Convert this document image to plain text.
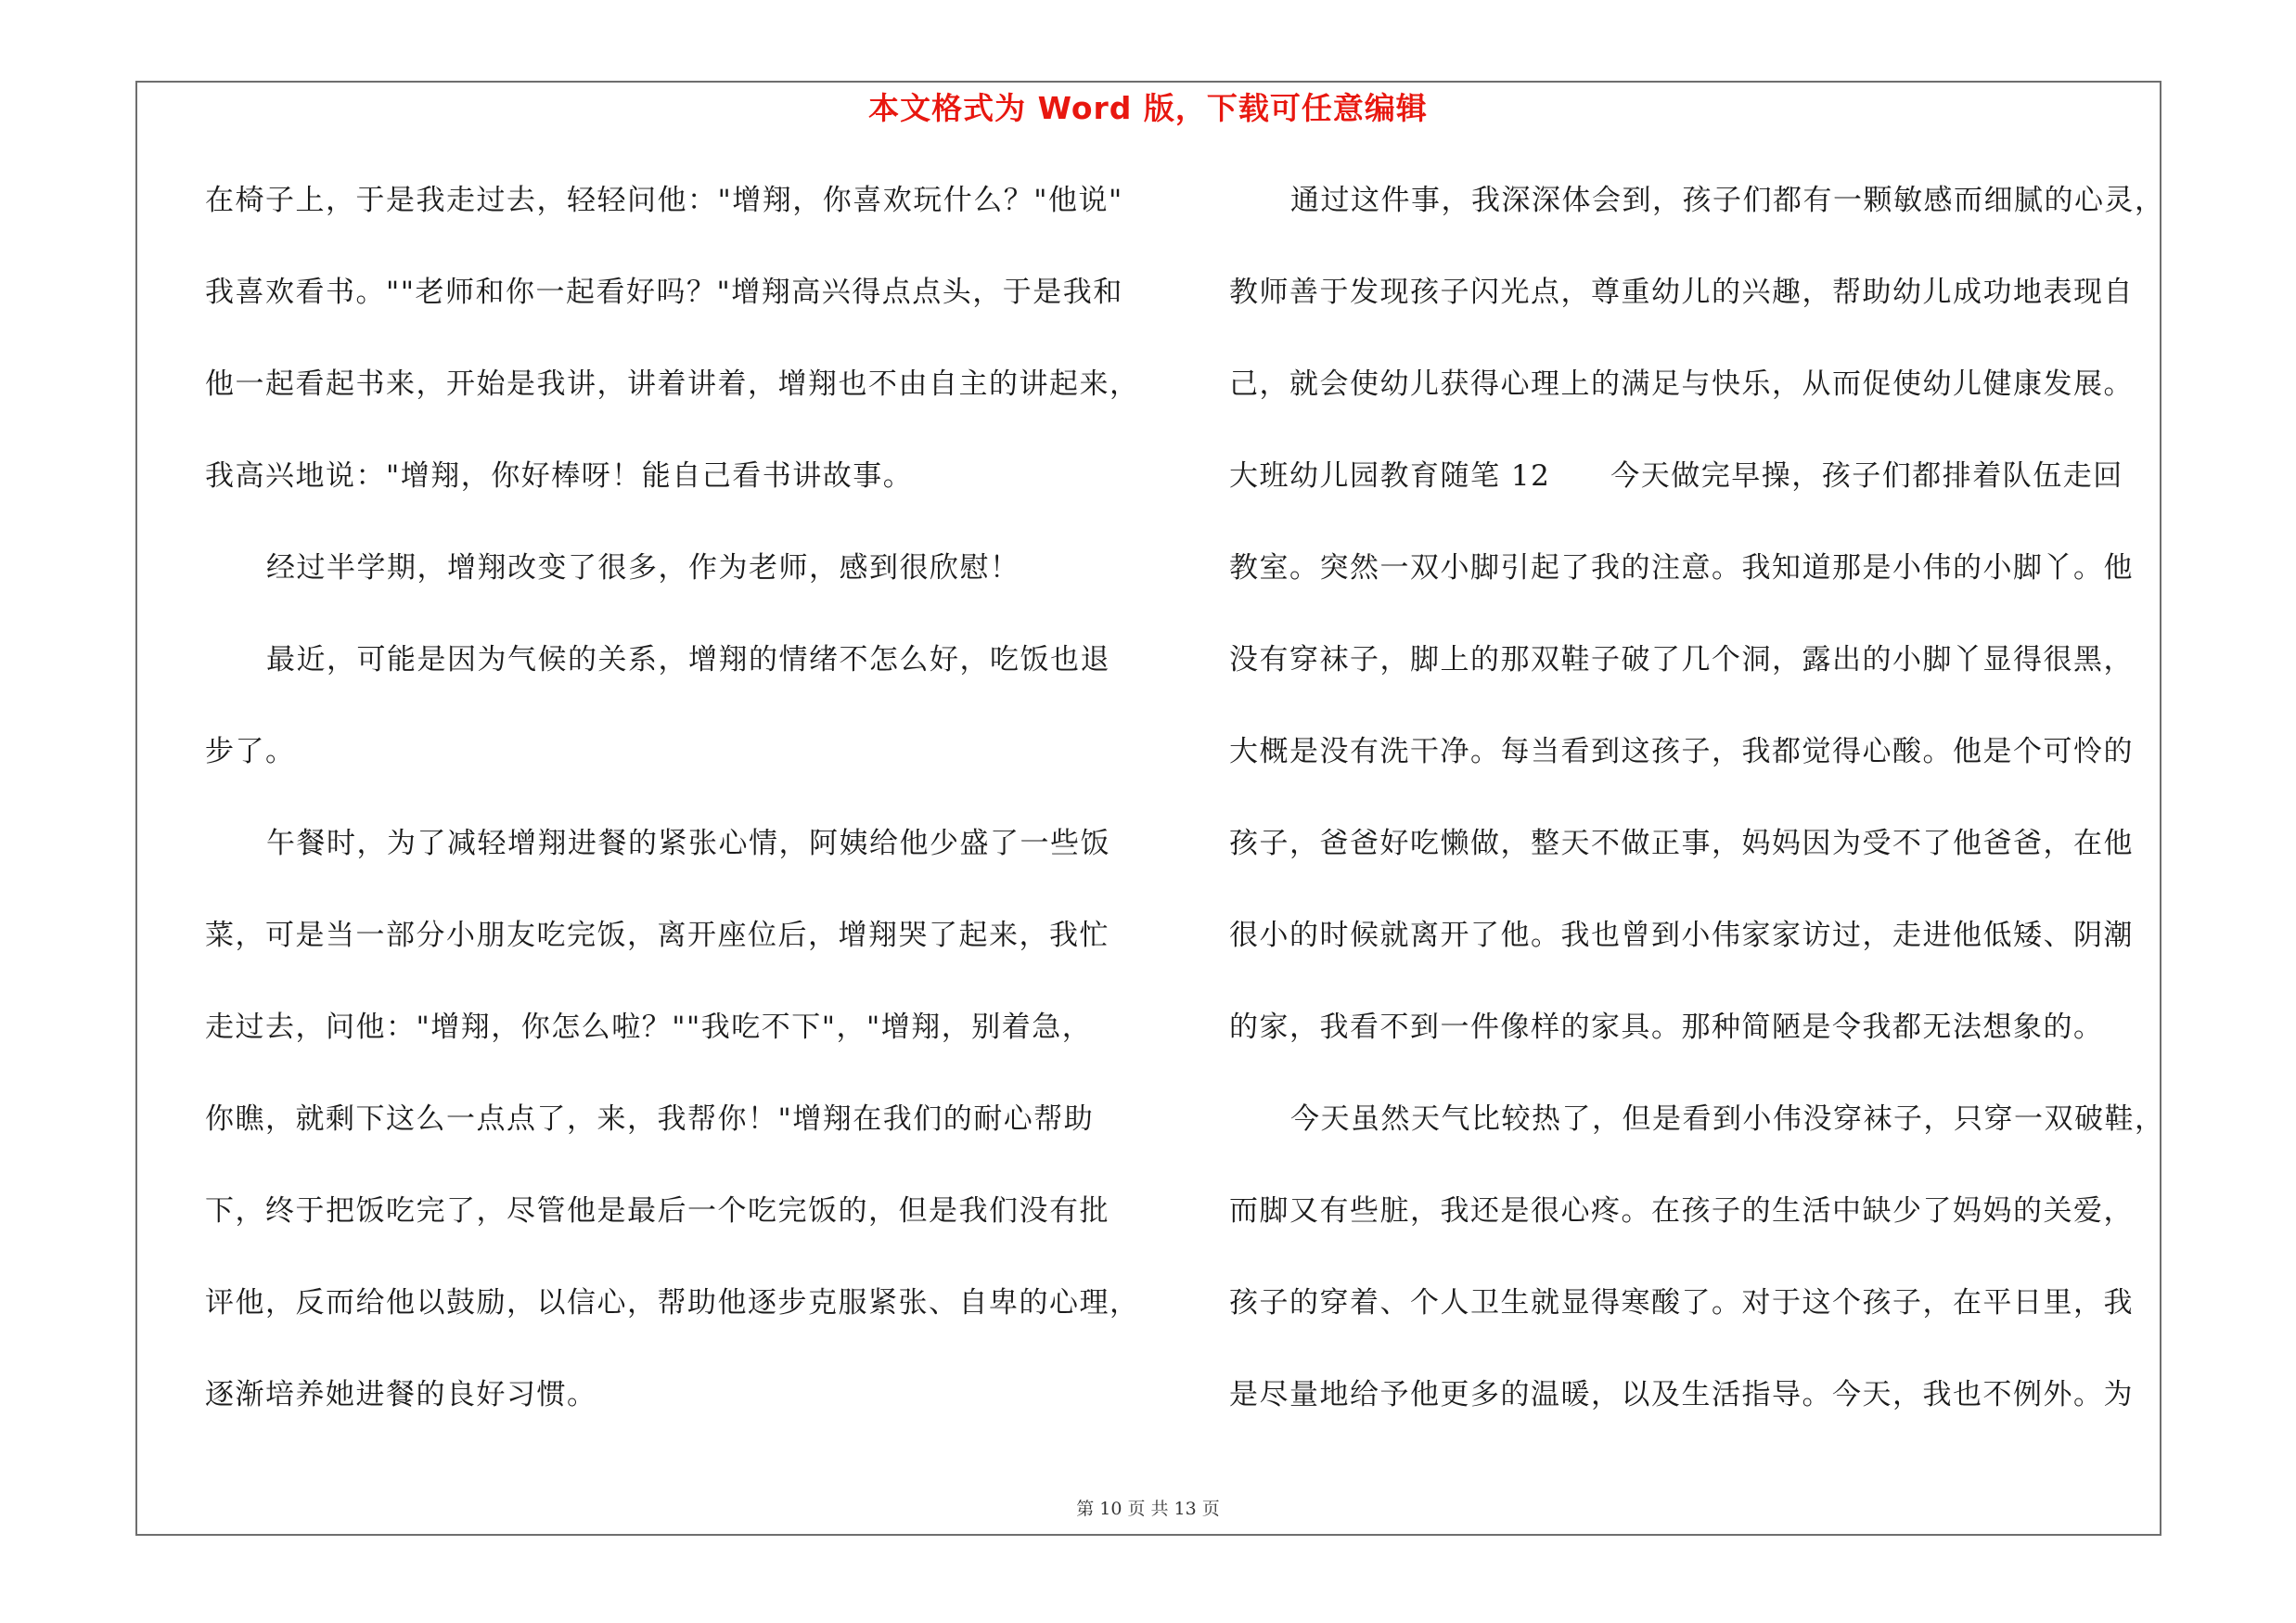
本文格式为 Word 版，下载可任意编辑
在椅子上，于是我走过去，轻轻问他："增翔，你喜欢玩什么？"他说"
我喜欢看书。""老师和你一起看好吗？"增翔高兴得点点头，于是我和
他一起看起书来，开始是我讲，讲着讲着，增翔也不由自主的讲起来，
我高兴地说："增翔，你好棒呀！能自己看书讲故事。
经过半学期，增翔改变了很多，作为老师，感到很欣慰！
最近，可能是因为气候的关系，增翔的情绪不怎么好，吃饭也退
步了。
午餐时，为了减轻增翔进餐的紧张心情，阿姨给他少盛了一些饭
菜，可是当一部分小朋友吃完饭，离开座位后，增翔哭了起来，我忙
走过去，问他："增翔，你怎么啦？""我吃不下"，"增翔，别着急，
你瞧，就剩下这么一点点了，来，我帮你！"增翔在我们的耐心帮助
下，终于把饭吃完了，尽管他是最后一个吃完饭的，但是我们没有批
评他，反而给他以鼓励，以信心，帮助他逐步克服紧张、自卑的心理，
逐渐培养她进餐的良好习惯。
通过这件事，我深深体会到，孩子们都有一颗敏感而细腻的心灵，
教师善于发现孩子闪光点，尊重幼儿的兴趣，帮助幼儿成功地表现自
己，就会使幼儿获得心理上的满足与快乐，从而促使幼儿健康发展。
大班幼儿园教育随笔 12　　今天做完早操，孩子们都排着队伍走回
教室。突然一双小脚引起了我的注意。我知道那是小伟的小脚丫。他
没有穿袜子，脚上的那双鞋子破了几个洞，露出的小脚丫显得很黑，
大概是没有洗干净。每当看到这孩子，我都觉得心酸。他是个可怜的
孩子，爸爸好吃懒做，整天不做正事，妈妈因为受不了他爸爸，在他
很小的时候就离开了他。我也曾到小伟家家访过，走进他低矮、阴潮
的家，我看不到一件像样的家具。那种简陋是令我都无法想象的。
今天虽然天气比较热了，但是看到小伟没穿袜子，只穿一双破鞋，
而脚又有些脏，我还是很心疼。在孩子的生活中缺少了妈妈的关爱，
孩子的穿着、个人卫生就显得寒酸了。对于这个孩子，在平日里，我
是尽量地给予他更多的温暖，以及生活指导。今天，我也不例外。为
第 10 页 共 13 页
